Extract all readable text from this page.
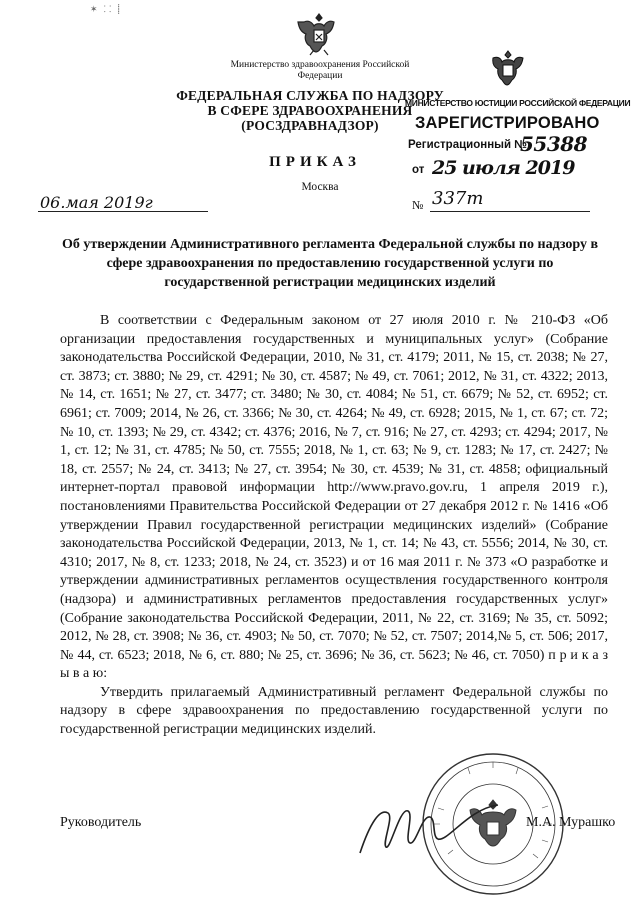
✶ ⸬ ⸽
Министерство здравоохранения Российской Федерации
ФЕДЕРАЛЬНАЯ СЛУЖБА ПО НАДЗОРУ
В СФЕРЕ ЗДРАВООХРАНЕНИЯ
(РОСЗДРАВНАДЗОР)
ПРИКАЗ
Москва
МИНИСТЕРСТВО ЮСТИЦИИ РОССИЙСКОЙ ФЕДЕРАЦИИ
ЗАРЕГИСТРИРОВАНО
Регистрационный №
55388
от 25 июля 2019
06.мая 2019г	№ 337т
Об утверждении Административного регламента Федеральной службы по надзору в сфере здравоохранения по предоставлению государственной услуги по государственной регистрации медицинских изделий

В соответствии с Федеральным законом от 27 июля 2010 г. № 210-ФЗ «Об организации предоставления государственных и муниципальных услуг» (Собрание законодательства Российской Федерации, 2010, № 31, ст. 4179; 2011, № 15, ст. 2038; № 27, ст. 3873; ст. 3880; № 29, ст. 4291; № 30, ст. 4587; № 49, ст. 7061; 2012, № 31, ст. 4322; 2013, № 14, ст. 1651; № 27, ст. 3477; ст. 3480; № 30, ст. 4084; № 51, ст. 6679; № 52, ст. 6952; ст. 6961; ст. 7009; 2014, № 26, ст. 3366; № 30, ст. 4264; № 49, ст. 6928; 2015, № 1, ст. 67; ст. 72; № 10, ст. 1393; № 29, ст. 4342; ст. 4376; 2016, № 7, ст. 916; № 27, ст. 4293; ст. 4294; 2017, № 1, ст. 12; № 31, ст. 4785; № 50, ст. 7555; 2018, № 1, ст. 63; № 9, ст. 1283; № 17, ст. 2427; № 18, ст. 2557; № 24, ст. 3413; № 27, ст. 3954; № 30, ст. 4539; № 31, ст. 4858; официальный интернет-портал правовой информации http://www.pravo.gov.ru, 1 апреля 2019 г.), постановлениями Правительства Российской Федерации от 27 декабря 2012 г. № 1416 «Об утверждении Правил государственной регистрации медицинских изделий» (Собрание законодательства Российской Федерации, 2013, № 1, ст. 14; № 43, ст. 5556; 2014, № 30, ст. 4310; 2017, № 8, ст. 1233; 2018, № 24, ст. 3523) и от 16 мая 2011 г. № 373 «О разработке и утверждении административных регламентов осуществления государственного контроля (надзора) и административных регламентов предоставления государственных услуг» (Собрание законодательства Российской Федерации, 2011, № 22, ст. 3169; № 35, ст. 5092; 2012, № 28, ст. 3908; № 36, ст. 4903; № 50, ст. 7070; № 52, ст. 7507; 2014,№ 5, ст. 506; 2017, № 44, ст. 6523; 2018, № 6, ст. 880; № 25, ст. 3696; № 36, ст. 5623; № 46, ст. 7050) п р и к а з ы в а ю:

Утвердить прилагаемый Административный регламент Федеральной службы по надзору в сфере здравоохранения по предоставлению государственной услуги по государственной регистрации медицинских изделий.

Руководитель	М.А. Мурашко
